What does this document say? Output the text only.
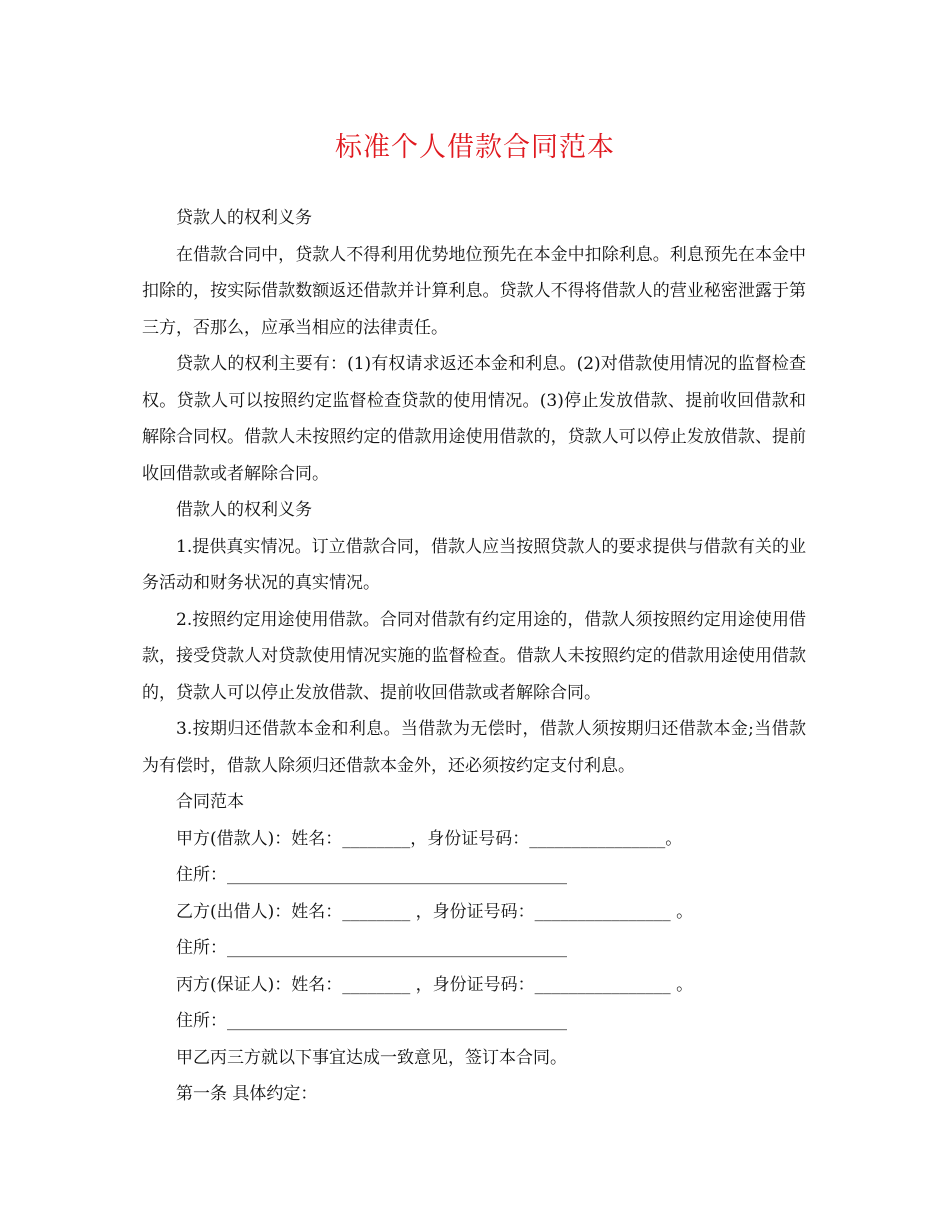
标准个人借款合同范本

贷款人的权利义务

在借款合同中，贷款人不得利用优势地位预先在本金中扣除利息。利息预先在本金中扣除的，按实际借款数额返还借款并计算利息。贷款人不得将借款人的营业秘密泄露于第三方，否那么，应承当相应的法律责任。

贷款人的权利主要有：(1)有权请求返还本金和利息。(2)对借款使用情况的监督检查权。贷款人可以按照约定监督检查贷款的使用情况。(3)停止发放借款、提前收回借款和解除合同权。借款人未按照约定的借款用途使用借款的，贷款人可以停止发放借款、提前收回借款或者解除合同。

借款人的权利义务

1.提供真实情况。订立借款合同，借款人应当按照贷款人的要求提供与借款有关的业务活动和财务状况的真实情况。

2.按照约定用途使用借款。合同对借款有约定用途的，借款人须按照约定用途使用借款，接受贷款人对贷款使用情况实施的监督检查。借款人未按照约定的借款用途使用借款的，贷款人可以停止发放借款、提前收回借款或者解除合同。

3.按期归还借款本金和利息。当借款为无偿时，借款人须按期归还借款本金;当借款为有偿时，借款人除须归还借款本金外，还必须按约定支付利息。

合同范本

甲方(借款人)：姓名：________，身份证号码：________________。

住所：________________________________________

乙方(出借人)：姓名：________ ，身份证号码：________________ 。

住所：________________________________________

丙方(保证人)：姓名：________ ，身份证号码：________________ 。

住所：________________________________________

甲乙丙三方就以下事宜达成一致意见，签订本合同。

第一条 具体约定：
